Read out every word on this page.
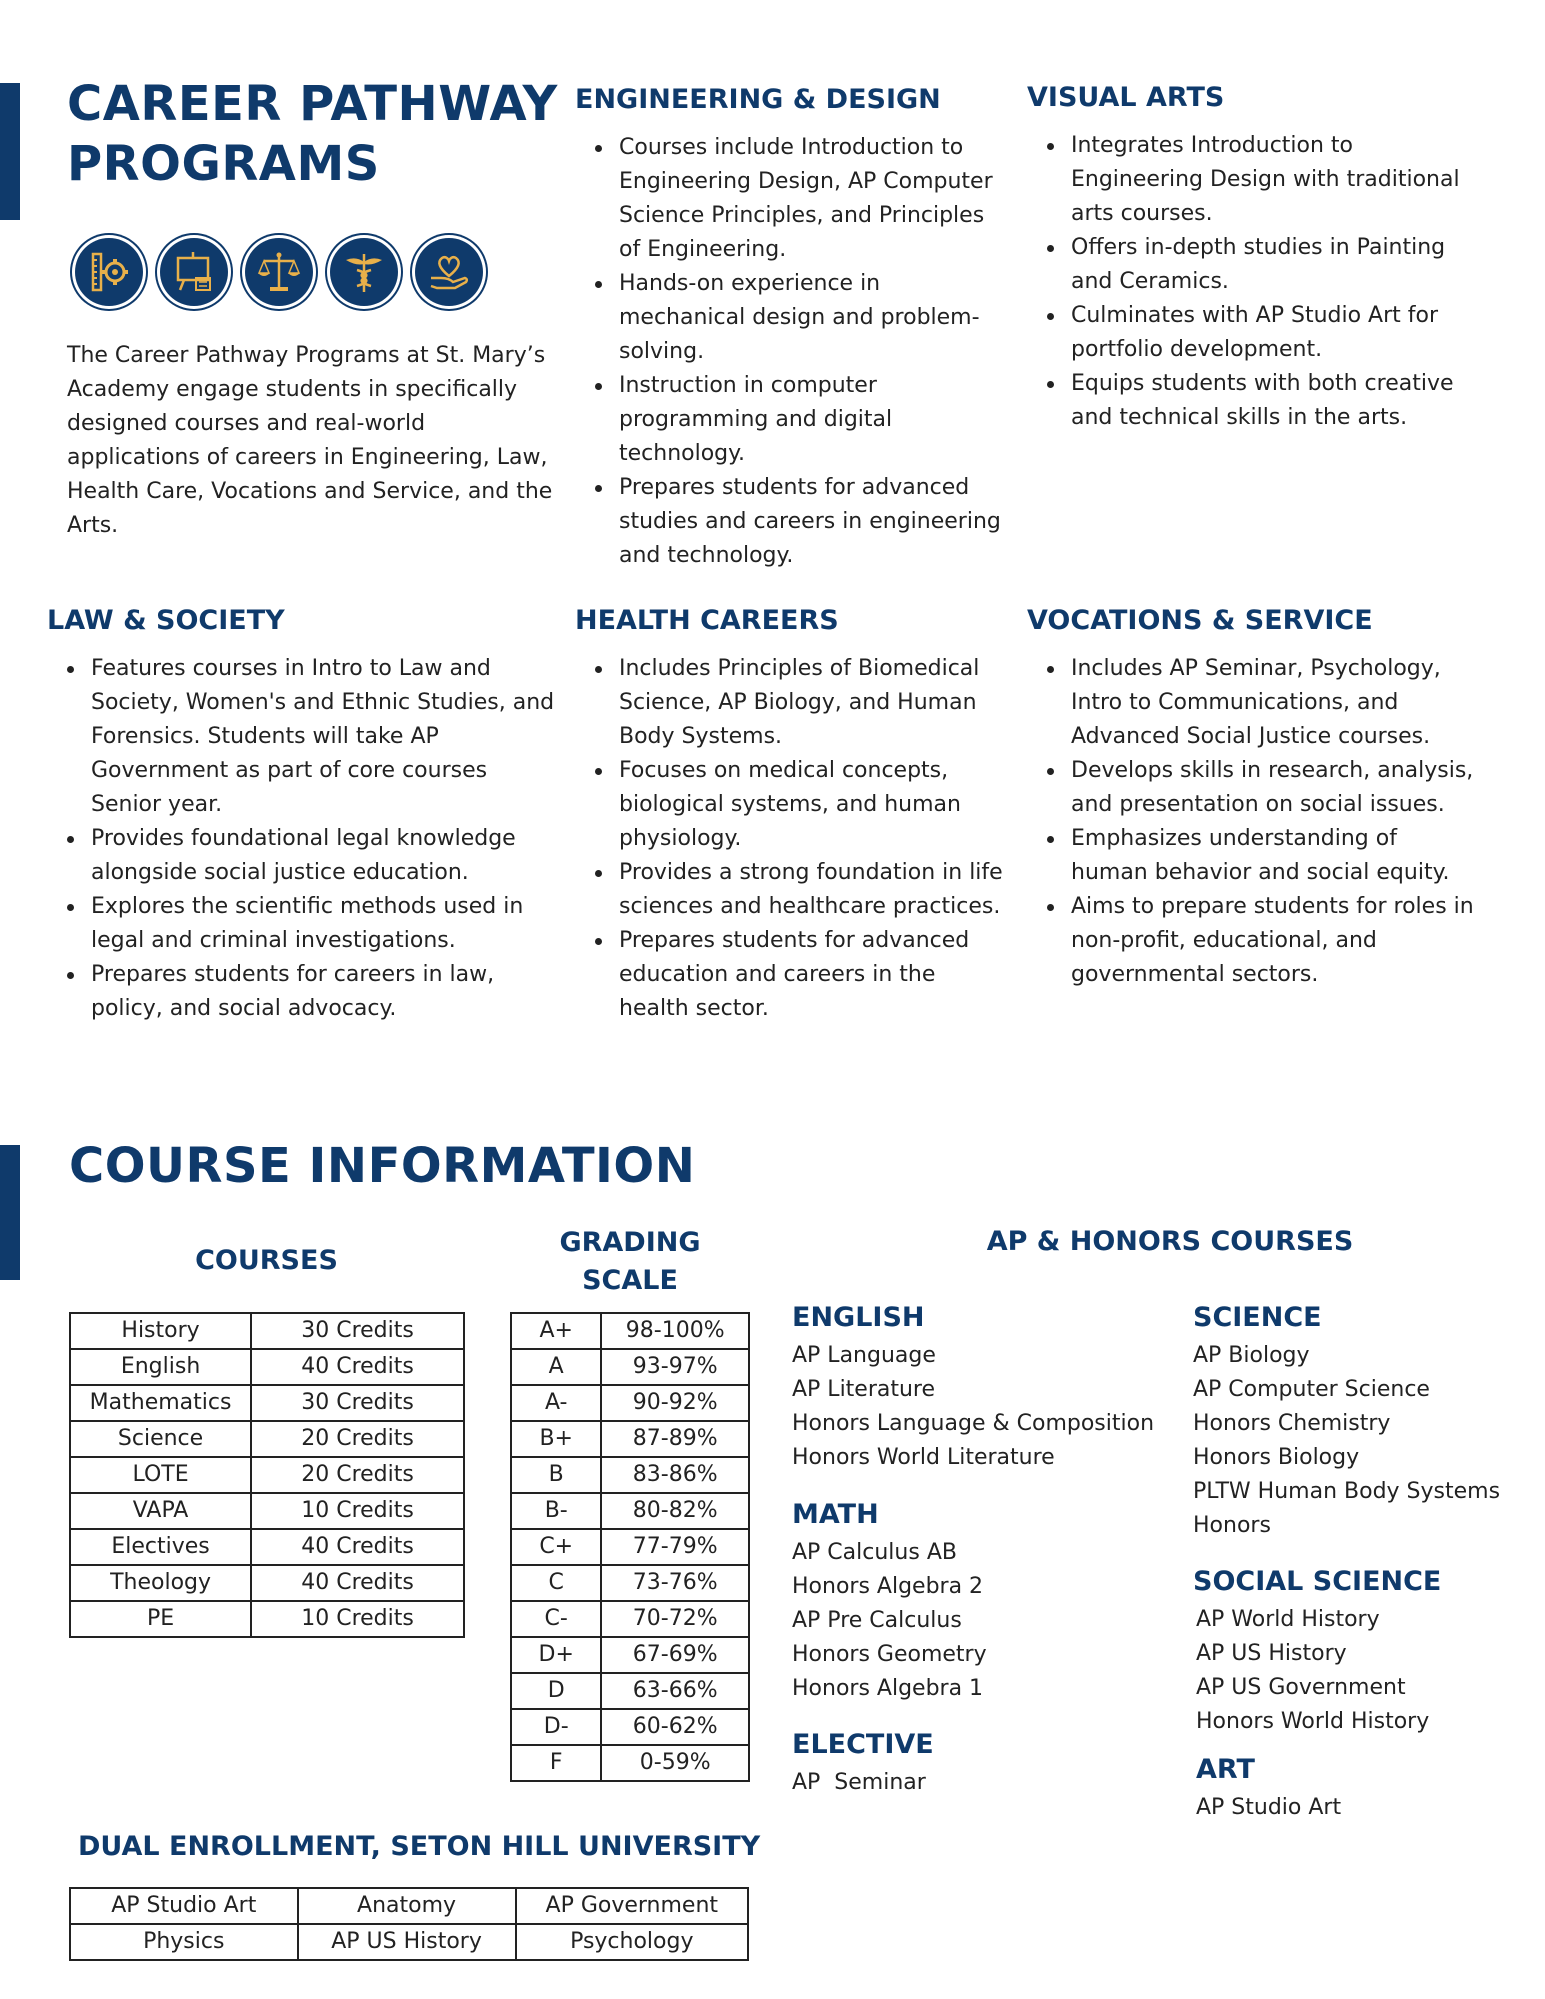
CAREER PATHWAY

PROGRAMS

The Career Pathway Programs at St. Mary’s Academy engage students in specifically designed courses and real-world applications of careers in Engineering, Law, Health Care, Vocations and Service, and the Arts.

ENGINEERING & DESIGN

Courses include Introduction to Engineering Design, AP Computer Science Principles, and Principles of Engineering.
Hands-on experience in mechanical design and problem-solving.
Instruction in computer programming and digital technology.
Prepares students for advanced studies and careers in engineering and technology.

VISUAL ARTS

Integrates Introduction to Engineering Design with traditional arts courses.
Offers in-depth studies in Painting and Ceramics.
Culminates with AP Studio Art for portfolio development.
Equips students with both creative and technical skills in the arts.

LAW & SOCIETY

Features courses in Intro to Law and Society, Women's and Ethnic Studies, and Forensics. Students will take AP Government as part of core courses Senior year.
Provides foundational legal knowledge alongside social justice education.
Explores the scientific methods used in legal and criminal investigations.
Prepares students for careers in law, policy, and social advocacy.

HEALTH CAREERS

Includes Principles of Biomedical Science, AP Biology, and Human Body Systems.
Focuses on medical concepts, biological systems, and human physiology.
Provides a strong foundation in life sciences and healthcare practices.
Prepares students for advanced education and careers in the health sector.

VOCATIONS & SERVICE

Includes AP Seminar, Psychology, Intro to Communications, and Advanced Social Justice courses.
Develops skills in research, analysis, and presentation on social issues.
Emphasizes understanding of human behavior and social equity.
Aims to prepare students for roles in non-profit, educational, and governmental sectors.

COURSE INFORMATION

COURSES

History	30 Credits
English	40 Credits
Mathematics	30 Credits
Science	20 Credits
LOTE	20 Credits
VAPA	10 Credits
Electives	40 Credits
Theology	40 Credits
PE	10 Credits

GRADING

SCALE

A+	98-100%
A	93-97%
A-	90-92%
B+	87-89%
B	83-86%
B-	80-82%
C+	77-79%
C	73-76%
C-	70-72%
D+	67-69%
D	63-66%
D-	60-62%
F	0-59%

AP & HONORS COURSES

ENGLISH

AP Language
AP Literature
Honors Language & Composition
Honors World Literature

MATH

AP Calculus AB
Honors Algebra 2
AP Pre Calculus
Honors Geometry
Honors Algebra 1

ELECTIVE

AP  Seminar

SCIENCE

AP Biology
AP Computer Science
Honors Chemistry
Honors Biology
PLTW Human Body Systems Honors

SOCIAL SCIENCE

AP World History
AP US History
AP US Government
Honors World History

ART

AP Studio Art

DUAL ENROLLMENT, SETON HILL UNIVERSITY

AP Studio Art	Anatomy	AP Government
Physics	AP US History	Psychology
